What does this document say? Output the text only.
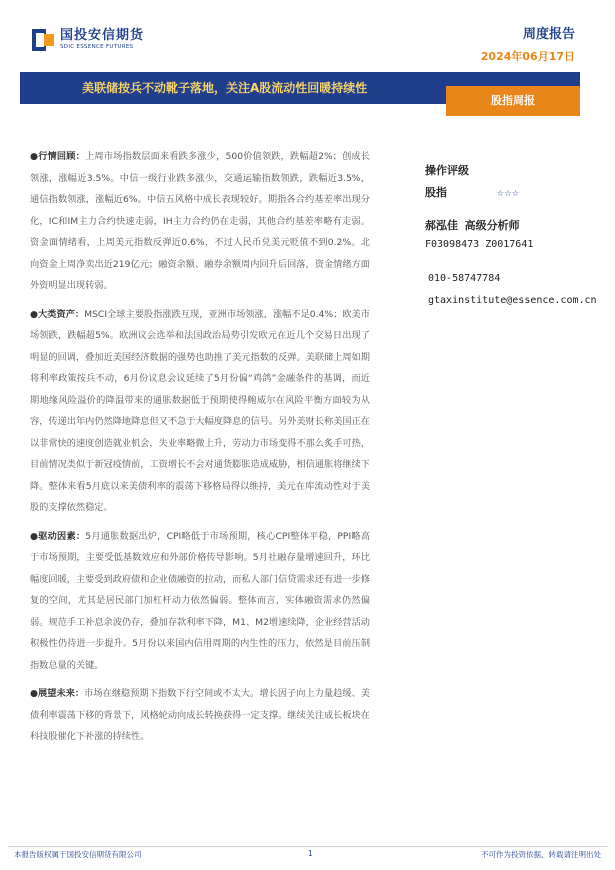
国投安信期货
SDIC ESSENCE FUTURES
周度报告
2024年06月17日
美联储按兵不动靴子落地，关注A股流动性回暖持续性
股指周报

●行情回顾：上周市场指数层面来看跌多涨少，500价值领跌，跌幅超2%；创成长领涨，涨幅近3.5%。中信一级行业跌多涨少，交通运输指数领跌，跌幅近3.5%，通信指数领涨，涨幅近6%。中信五风格中成长表现较好。期指各合约基差率出现分化，IC和IM主力合约快速走弱，IH主力合约仍在走弱，其他合约基差率略有走弱。资金面情绪看，上周美元指数反弹近0.6%，不过人民币兑美元贬值不到0.2%。北向资金上周净卖出近219亿元；融资余额、融券余额周内回升后回落，资金情绪方面外资明显出现转弱。

●大类资产：MSCI全球主要股指涨跌互现，亚洲市场领涨，涨幅不足0.4%；欧美市场领跌，跌幅超5%。欧洲议会选举和法国政治局势引发欧元在近几个交易日出现了明显的回调，叠加近美国经济数据的强势也助推了美元指数的反弹。美联储上周如期将利率政策按兵不动，6月份议息会议延续了5月份偏“鸡鸽”金融条件的基调，而近期地缘风险溢价的降温带来的通胀数据低于预期使得鲍威尔在风险平衡方面较为从容，传递出年内仍然降地降息但又不急于大幅度降息的信号。另外美财长称美国正在以非常快的速度创造就业机会，失业率略微上升，劳动力市场变得不那么炙手可热，目前情况类似于新冠疫情前，工资增长不会对通货膨胀造成威胁，相信通胀将继续下降。整体来看5月底以来美债利率的震荡下移格局得以维持，美元在库流动性对于美股的支撑依然稳定。

●驱动因素：5月通胀数据出炉，CPI略低于市场预期，核心CPI整体平稳，PPI略高于市场预期，主要受低基数效应和外部价格传导影响。5月社融存量增速回升，环比幅度回暖，主要受到政府债和企业债融资的拉动，而私人部门信贷需求还有进一步修复的空间，尤其是居民部门加杠杆动力依然偏弱。整体而言，实体融资需求仍然偏弱。规范手工补息余波仍存，叠加存款利率下降，M1、M2增速续降，企业经营活动积极性仍待进一步提升。5月份以来国内信用周期的内生性的压力，依然是目前压制指数总量的关键。

●展望未来：市场在继稳预期下指数下行空间或不太大。增长因子向上力量趋缓、美债利率震荡下移的背景下，风格轮动向成长转换获得一定支撑。继续关注成长板块在科技股催化下补涨的持续性。

操作评级
股指	☆☆☆
郝泓佳 高级分析师
F03098473 Z0017641
010-58747784
gtaxinstitute@essence.com.cn
本报告版权属于国投安信期货有限公司	1	不可作为投资依据，转载请注明出处
